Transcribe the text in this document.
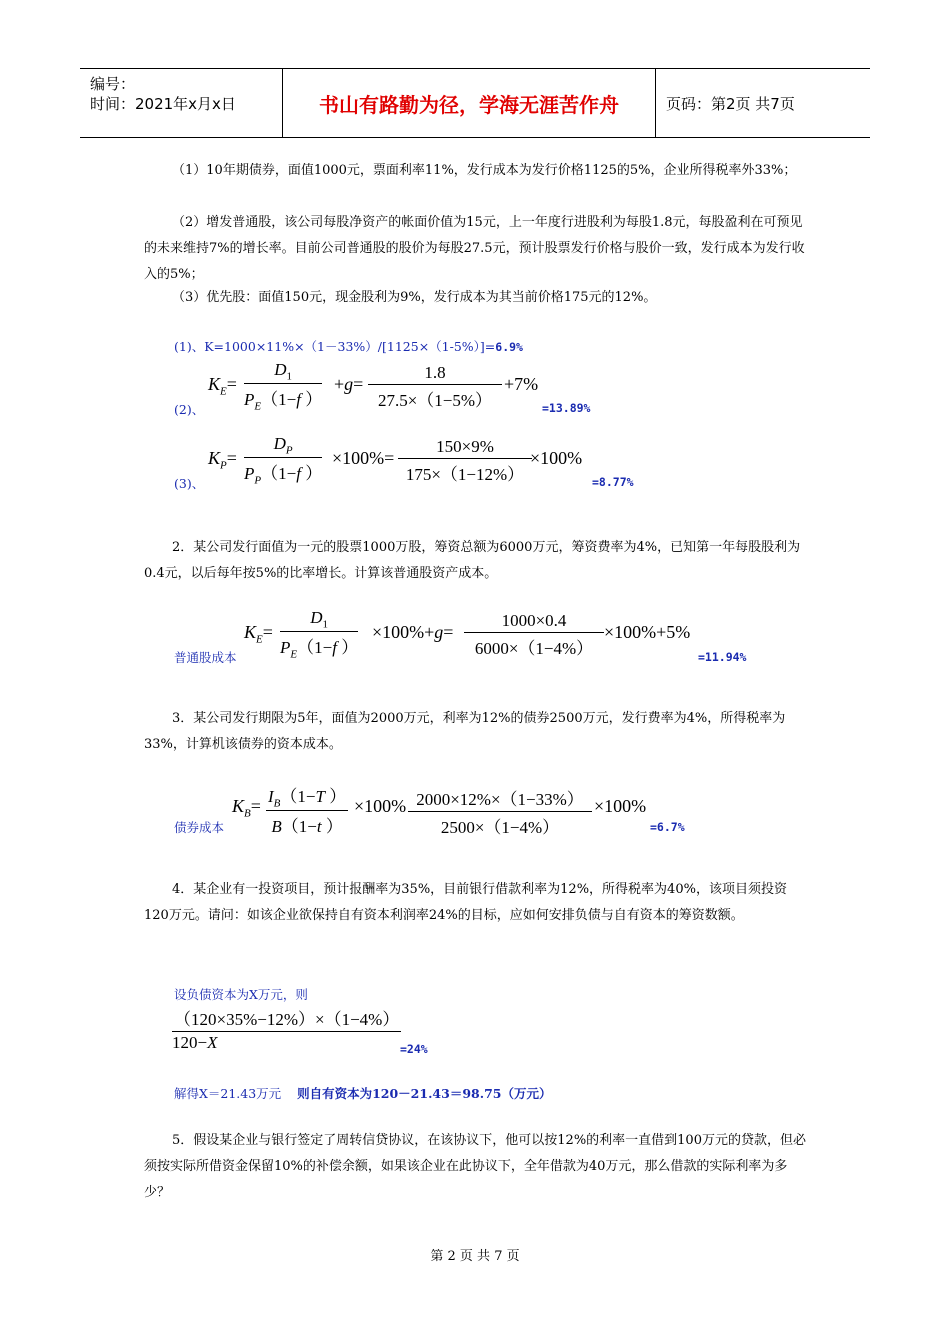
编号：
时间：2021年x月x日	书山有路勤为径，学海无涯苦作舟	页码：第2页 共7页
（1）10年期债券，面值1000元，票面利率11%，发行成本为发行价格1125的5%，企业所得税率外33%；
（2）增发普通股，该公司每股净资产的帐面价值为15元，上一年度行进股利为每股1.8元，每股盈利在可预见的未来维持7%的增长率。目前公司普通股的股价为每股27.5元，预计股票发行价格与股价一致，发行成本为发行收入的5%；
（3）优先股：面值150元，现金股利为9%，发行成本为其当前价格175元的12%。
(1)、K=1000×11%×（1－33%）/[1125×（1-5%）]=6.9%
(2)、
$K_E= \frac{D_1}{P_E(1-f )} +g= \frac{1.8}{27.5\times(1-5\%)} +7\%$
=13.89%
(3)、
$K_P= \frac{D_P}{P_P(1-f )} \times 100\%= \frac{150\times 9\%}{175\times(1-12\%)}$
×100%
=8.77%
2．某公司发行面值为一元的股票1000万股，筹资总额为6000万元，筹资费率为4%，已知第一年每股股利为0.4元，以后每年按5%的比率增长。计算该普通股资产成本。
普通股成本
$K_E= \frac{D_1}{P_E(1-f )} \times 100\%+g= \frac{1000\times 0.4}{6000\times(1-4\%)} \times 100\%+5\%$
=11.94%
3．某公司发行期限为5年，面值为2000万元，利率为12%的债券2500万元，发行费率为4%，所得税率为33%，计算机该债券的资本成本。
债券成本
$K_B= \frac{I_B(1-T )}{B(1-t )} \times 100\% \frac{2000\times 12\%\times(1-33\%)}{2500\times(1-4\%)} \times 100\%$
=6.7%
4．某企业有一投资项目，预计报酬率为35%，目前银行借款利率为12%，所得税率为40%，该项目须投资120万元。请问：如该企业欲保持自有资本利润率24%的目标，应如何安排负债与自有资本的筹资数额。
设负债资本为X万元，则
$\frac{(120\times 35\%-12\%)\times(1-4\%)}{120-X}$
=24%
解得X＝21.43万元 则自有资本为120－21.43＝98.75（万元）
5．假设某企业与银行签定了周转信贷协议，在该协议下，他可以按12%的利率一直借到100万元的贷款，但必须按实际所借资金保留10%的补偿余额，如果该企业在此协议下，全年借款为40万元，那么借款的实际利率为多少？
第 2 页 共 7 页
